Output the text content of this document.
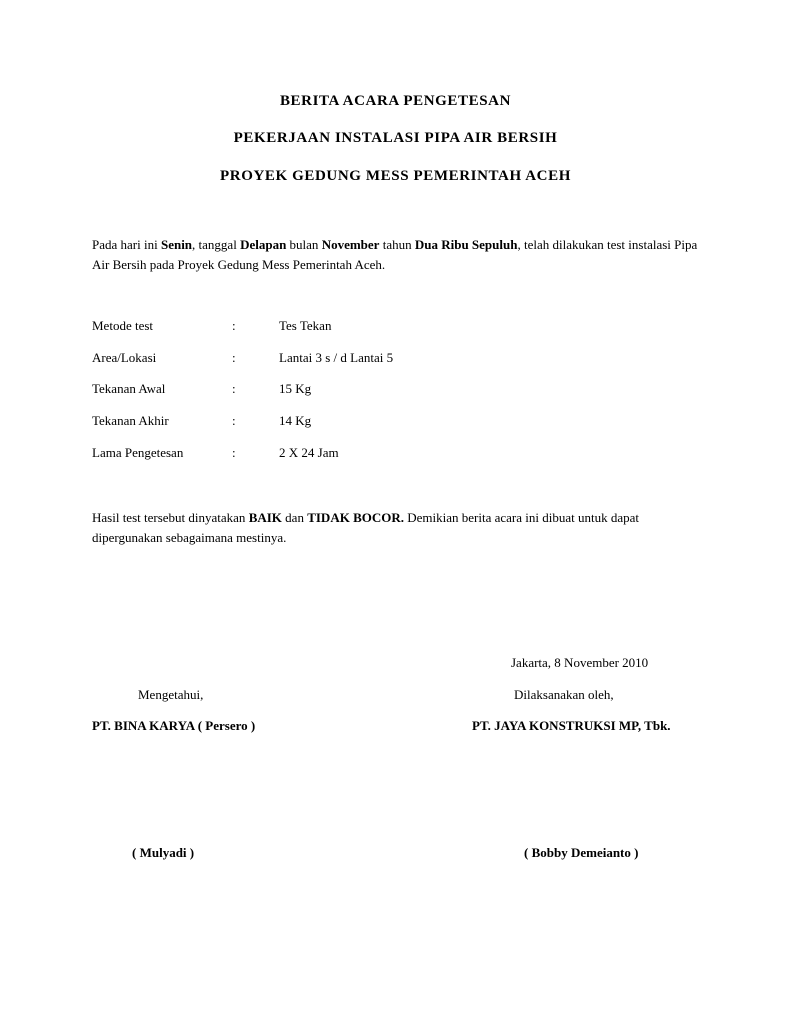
BERITA ACARA PENGETESAN
PEKERJAAN INSTALASI PIPA AIR BERSIH
PROYEK GEDUNG MESS PEMERINTAH ACEH
Pada hari ini Senin, tanggal Delapan bulan November tahun Dua Ribu Sepuluh, telah dilakukan test instalasi Pipa Air Bersih pada Proyek Gedung Mess Pemerintah Aceh.
Metode test	:	Tes Tekan
Area/Lokasi	:	Lantai 3 s / d Lantai 5
Tekanan Awal	:	15 Kg
Tekanan Akhir	:	14 Kg
Lama Pengetesan	:	2 X 24 Jam
Hasil test tersebut dinyatakan BAIK dan TIDAK BOCOR. Demikian berita acara ini dibuat untuk dapat dipergunakan sebagaimana mestinya.
Jakarta, 8 November 2010
Mengetahui,	Dilaksanakan oleh,
PT. BINA KARYA ( Persero )	PT. JAYA KONSTRUKSI MP, Tbk.
( Mulyadi )	( Bobby Demeianto )
